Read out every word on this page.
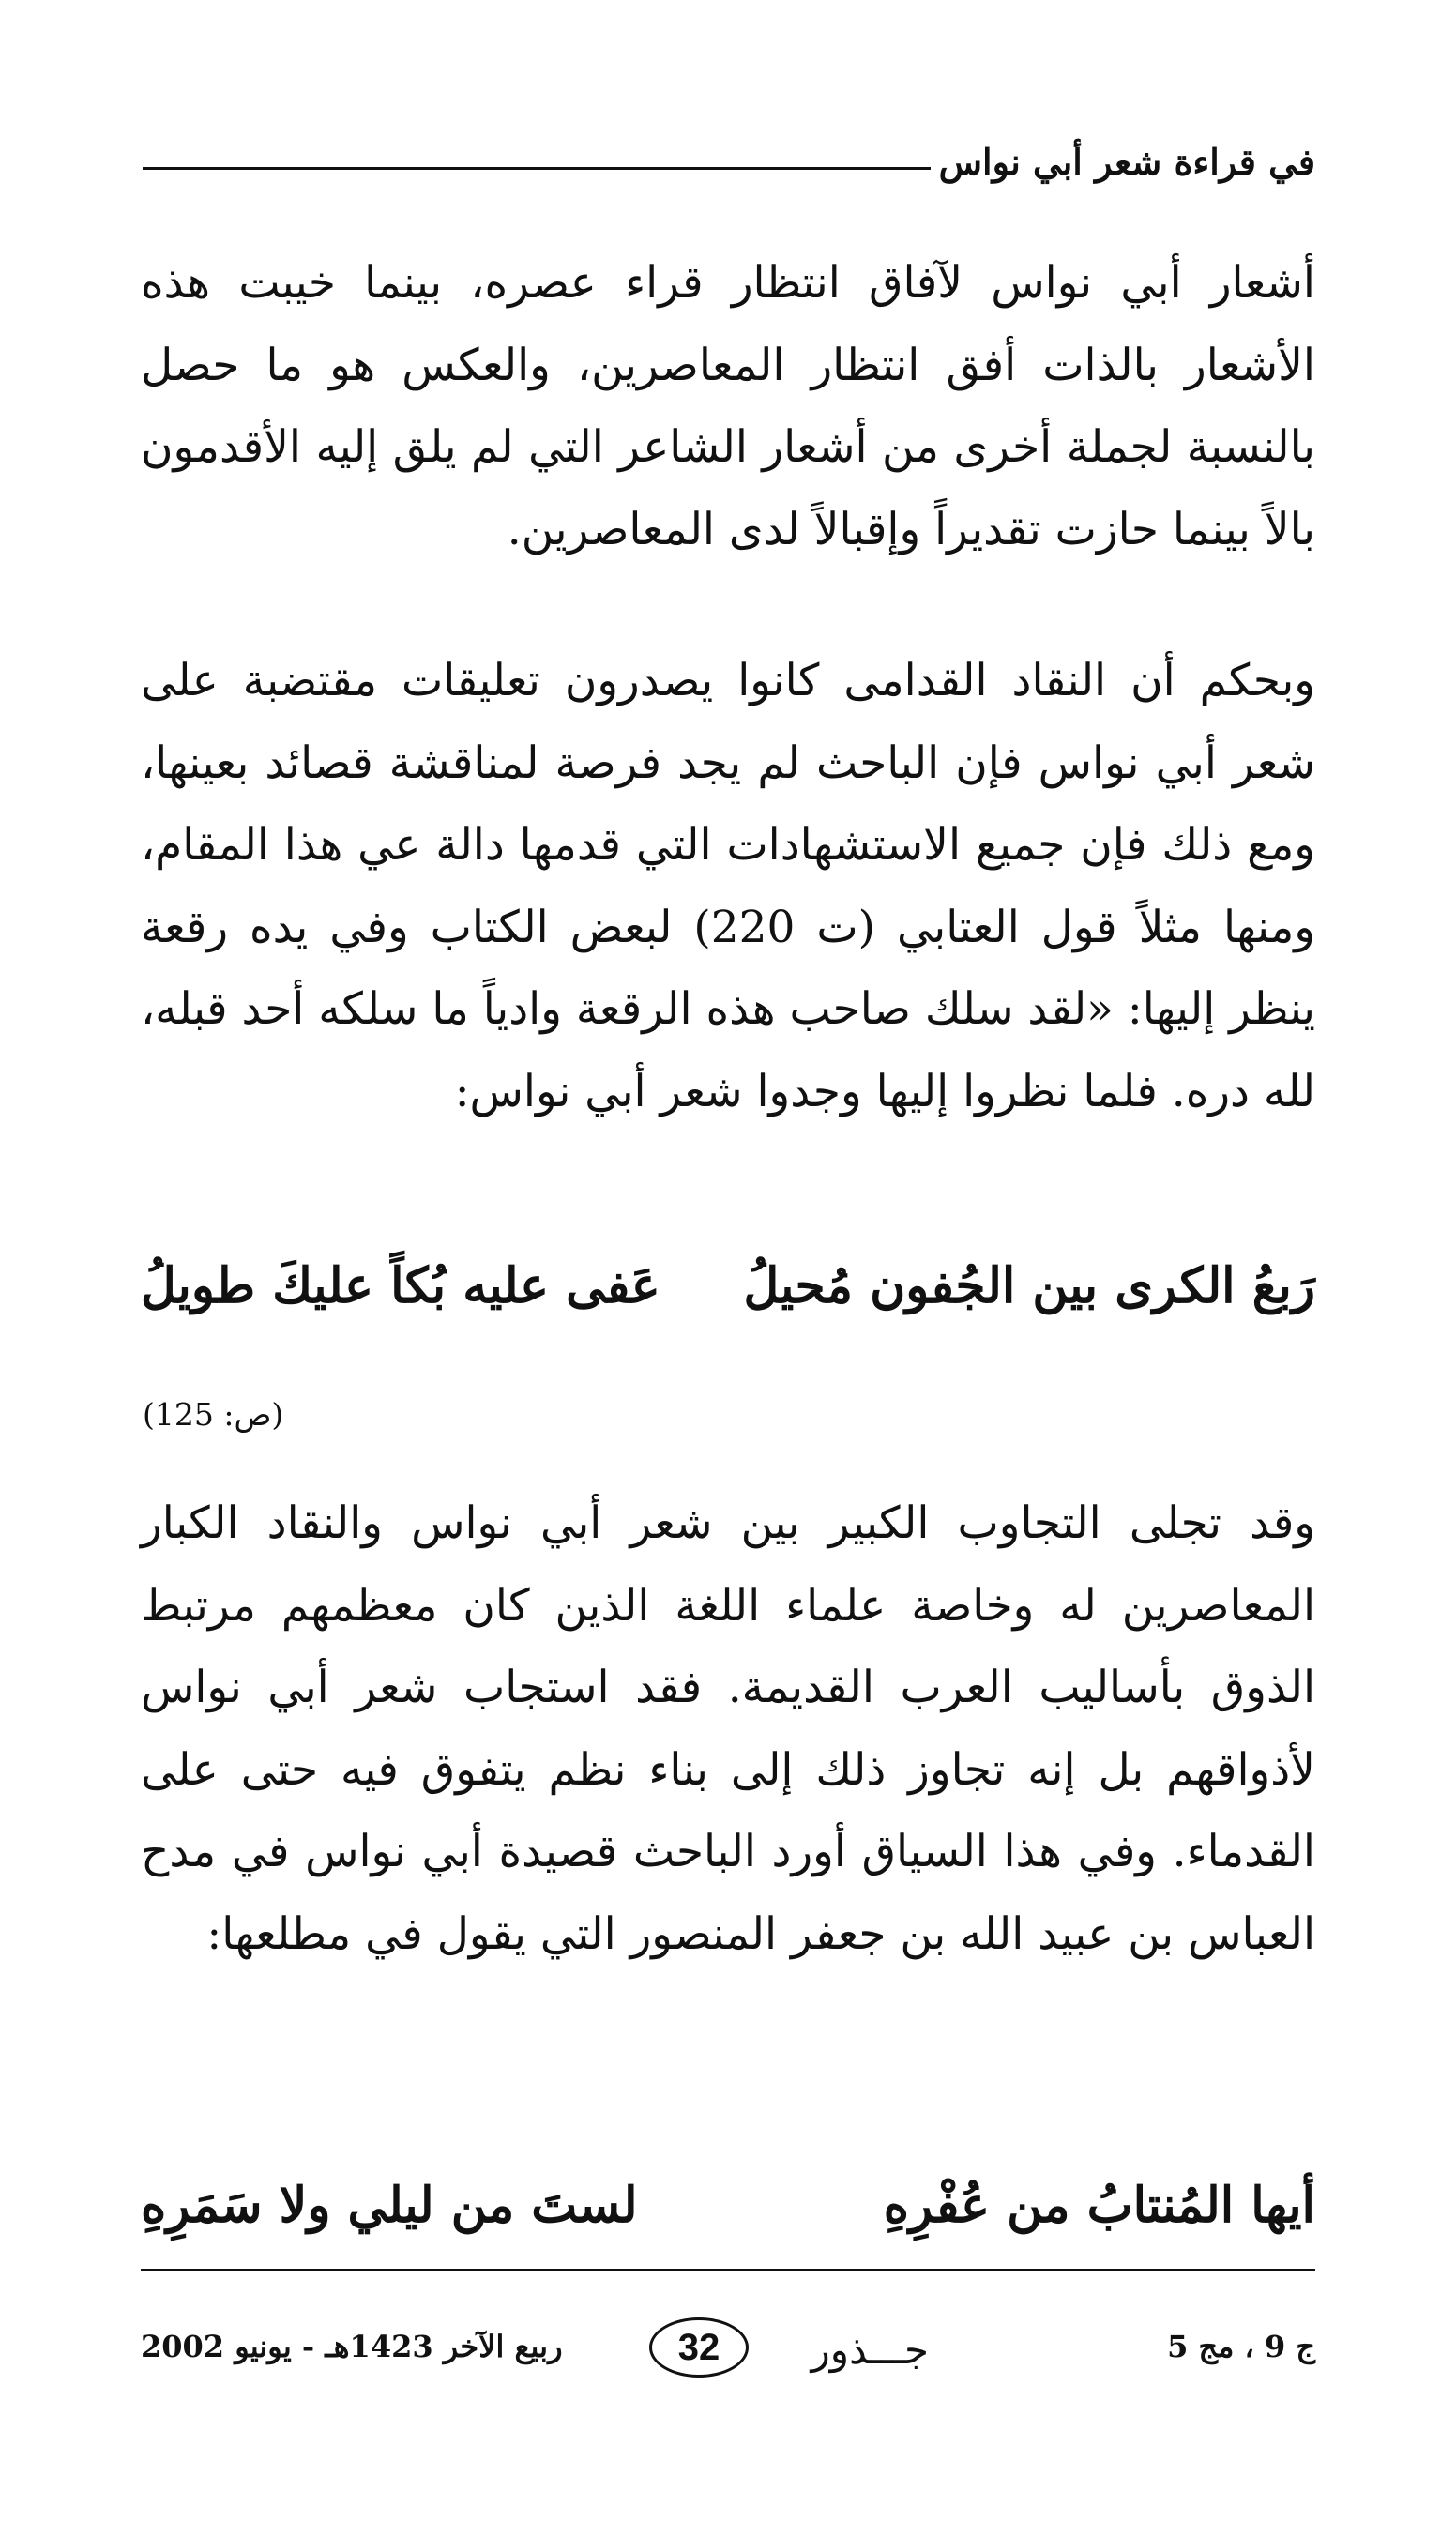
في قراءة شعر أبي نواس

أشعار أبي نواس لآفاق انتظار قراء عصره، بينما خيبت هذه الأشعار بالذات أفق انتظار المعاصرين، والعكس هو ما حصل بالنسبة لجملة أخرى من أشعار الشاعر التي لم يلق إليه الأقدمون بالاً بينما حازت تقديراً وإقبالاً لدى المعاصرين.

وبحكم أن النقاد القدامى كانوا يصدرون تعليقات مقتضبة على شعر أبي نواس فإن الباحث لم يجد فرصة لمناقشة قصائد بعينها، ومع ذلك فإن جميع الاستشهادات التي قدمها دالة عي هذا المقام، ومنها مثلاً قول العتابي (ت 220) لبعض الكتاب وفي يده رقعة ينظر إليها: «لقد سلك صاحب هذه الرقعة وادياً ما سلكه أحد قبله، لله دره. فلما نظروا إليها وجدوا شعر أبي نواس:

رَبعُ الكرى بين الجُفون مُحيلُ
عَفى عليه بُكاً عليكَ طويلُ
(ص: 125)

وقد تجلى التجاوب الكبير بين شعر أبي نواس والنقاد الكبار المعاصرين له وخاصة علماء اللغة الذين كان معظمهم مرتبط الذوق بأساليب العرب القديمة. فقد استجاب شعر أبي نواس لأذواقهم بل إنه تجاوز ذلك إلى بناء نظم يتفوق فيه حتى على القدماء. وفي هذا السياق أورد الباحث قصيدة أبي نواس في مدح العباس بن عبيد الله بن جعفر المنصور التي يقول في مطلعها:

أيها المُنتابُ من عُفْرِهِ
لستَ من ليلي ولا سَمَرِهِ
ج 9 ، مج 5
جـــذور
32
ربيع الآخر 1423هـ - يونيو 2002
